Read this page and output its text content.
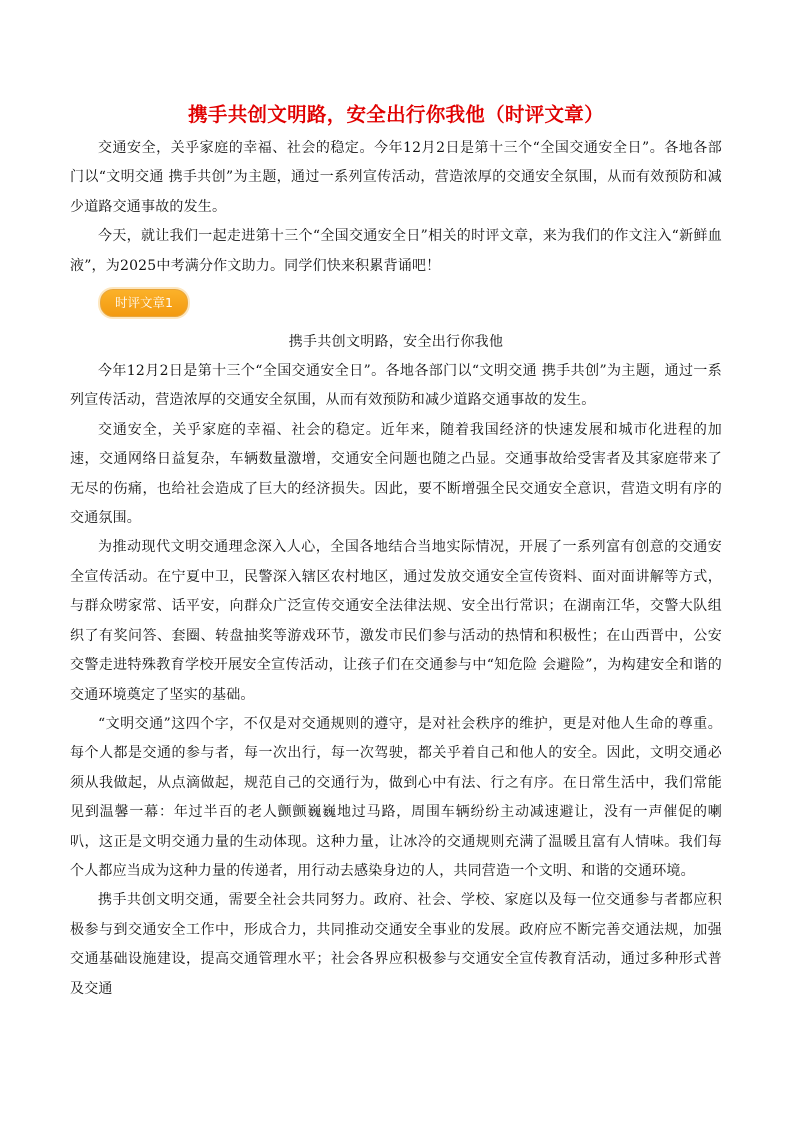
携手共创文明路，安全出行你我他（时评文章）

交通安全，关乎家庭的幸福、社会的稳定。今年12月2日是第十三个“全国交通安全日”。各地各部门以“文明交通 携手共创”为主题，通过一系列宣传活动，营造浓厚的交通安全氛围，从而有效预防和减少道路交通事故的发生。

今天，就让我们一起走进第十三个“全国交通安全日”相关的时评文章，来为我们的作文注入“新鲜血液”，为2025中考满分作文助力。同学们快来积累背诵吧！

时评文章1
携手共创文明路，安全出行你我他

今年12月2日是第十三个“全国交通安全日”。各地各部门以“文明交通 携手共创”为主题，通过一系列宣传活动，营造浓厚的交通安全氛围，从而有效预防和减少道路交通事故的发生。

交通安全，关乎家庭的幸福、社会的稳定。近年来，随着我国经济的快速发展和城市化进程的加速，交通网络日益复杂，车辆数量激增，交通安全问题也随之凸显。交通事故给受害者及其家庭带来了无尽的伤痛，也给社会造成了巨大的经济损失。因此，要不断增强全民交通安全意识，营造文明有序的交通氛围。

为推动现代文明交通理念深入人心，全国各地结合当地实际情况，开展了一系列富有创意的交通安全宣传活动。在宁夏中卫，民警深入辖区农村地区，通过发放交通安全宣传资料、面对面讲解等方式，与群众唠家常、话平安，向群众广泛宣传交通安全法律法规、安全出行常识；在湖南江华，交警大队组织了有奖问答、套圈、转盘抽奖等游戏环节，激发市民们参与活动的热情和积极性；在山西晋中，公安交警走进特殊教育学校开展安全宣传活动，让孩子们在交通参与中“知危险 会避险”，为构建安全和谐的交通环境奠定了坚实的基础。

“文明交通”这四个字，不仅是对交通规则的遵守，是对社会秩序的维护，更是对他人生命的尊重。每个人都是交通的参与者，每一次出行，每一次驾驶，都关乎着自己和他人的安全。因此，文明交通必须从我做起，从点滴做起，规范自己的交通行为，做到心中有法、行之有序。在日常生活中，我们常能见到温馨一幕：年过半百的老人颤颤巍巍地过马路，周围车辆纷纷主动减速避让，没有一声催促的喇叭，这正是文明交通力量的生动体现。这种力量，让冰冷的交通规则充满了温暖且富有人情味。我们每个人都应当成为这种力量的传递者，用行动去感染身边的人，共同营造一个文明、和谐的交通环境。

携手共创文明交通，需要全社会共同努力。政府、社会、学校、家庭以及每一位交通参与者都应积极参与到交通安全工作中，形成合力，共同推动交通安全事业的发展。政府应不断完善交通法规，加强交通基础设施建设，提高交通管理水平；社会各界应积极参与交通安全宣传教育活动，通过多种形式普及交通
